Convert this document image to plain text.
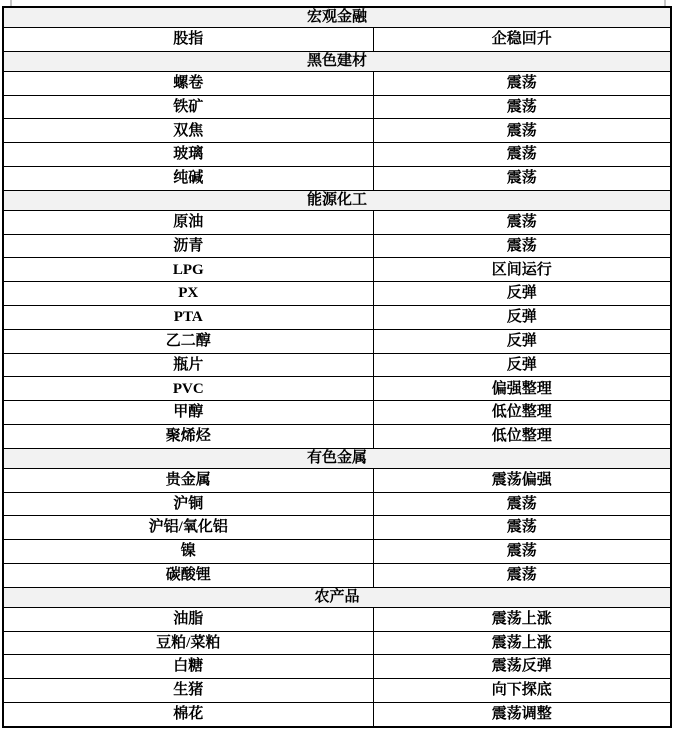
宏观金融	
股指	企稳回升
黑色建材	
螺卷	震荡
铁矿	震荡
双焦	震荡
玻璃	震荡
纯碱	震荡
能源化工	
原油	震荡
沥青	震荡
LPG	区间运行
PX	反弹
PTA	反弹
乙二醇	反弹
瓶片	反弹
PVC	偏强整理
甲醇	低位整理
聚烯烃	低位整理
有色金属	
贵金属	震荡偏强
沪铜	震荡
沪铝/氧化铝	震荡
镍	震荡
碳酸锂	震荡
农产品	
油脂	震荡上涨
豆粕/菜粕	震荡上涨
白糖	震荡反弹
生猪	向下探底
棉花	震荡调整
